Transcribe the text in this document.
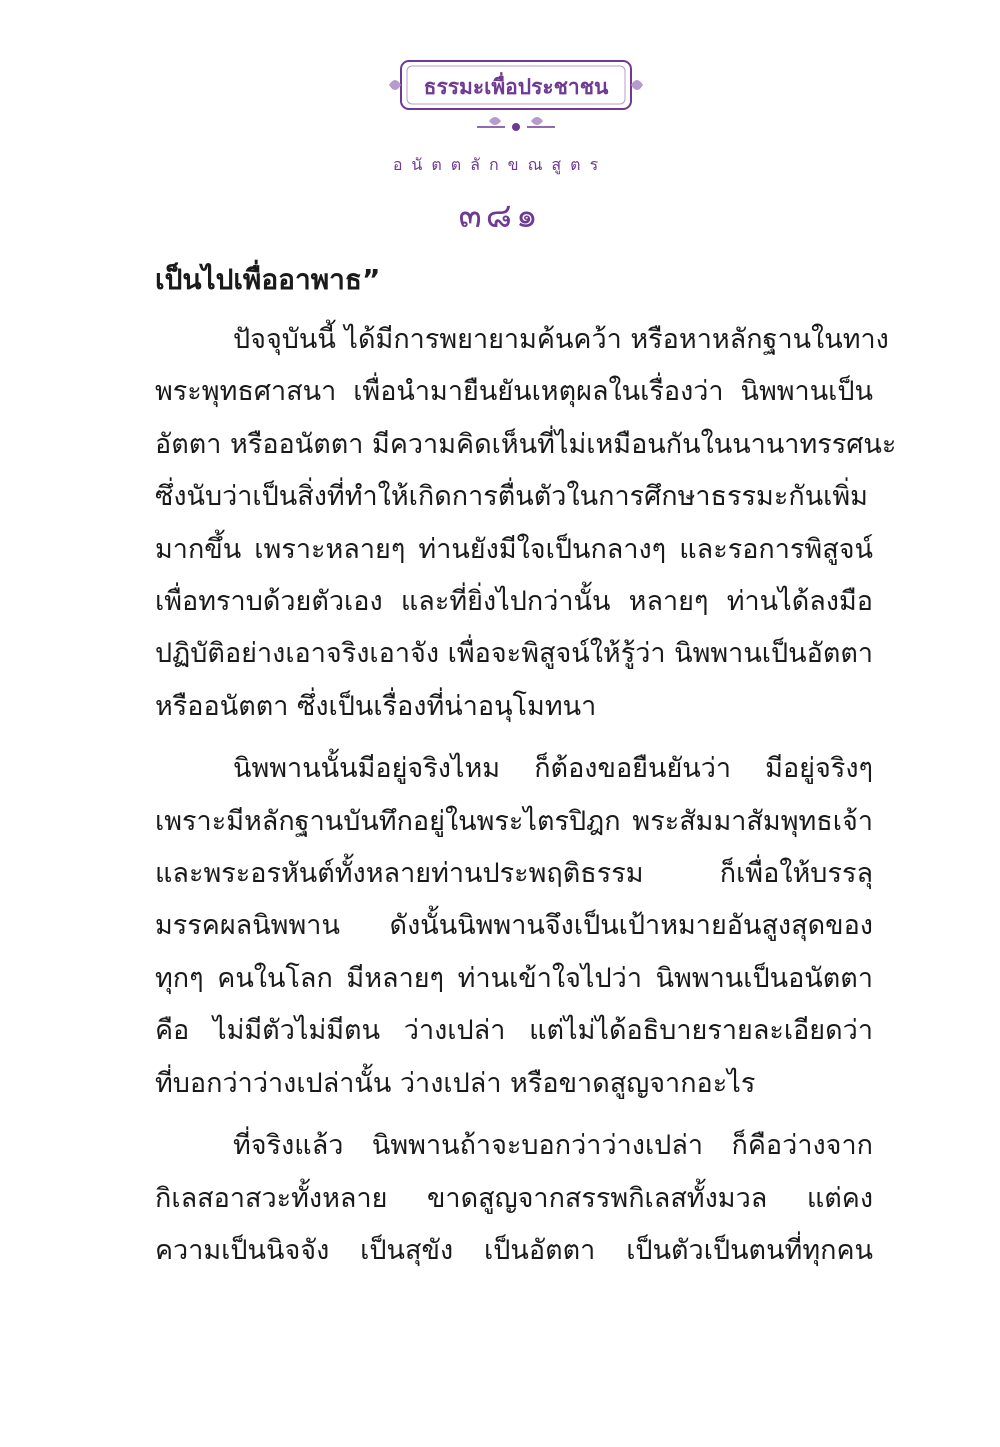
ธรรมะเพื่อประชาชน
อนัตตลักขณสูตร
๓๘๑
เป็นไปเพื่ออาพาธ”
ปัจจุบันนี้ ได้มีการพยายามค้นคว้า หรือหาหลักฐานในทาง
พระพุทธศาสนา เพื่อนำมายืนยันเหตุผลในเรื่องว่า นิพพานเป็น
อัตตา หรืออนัตตา มีความคิดเห็นที่ไม่เหมือนกันในนานาทรรศนะ
ซึ่งนับว่าเป็นสิ่งที่ทำให้เกิดการตื่นตัวในการศึกษาธรรมะกันเพิ่ม
มากขึ้น เพราะหลายๆ ท่านยังมีใจเป็นกลางๆ และรอการพิสูจน์
เพื่อทราบด้วยตัวเอง และที่ยิ่งไปกว่านั้น หลายๆ ท่านได้ลงมือ
ปฏิบัติอย่างเอาจริงเอาจัง เพื่อจะพิสูจน์ให้รู้ว่า นิพพานเป็นอัตตา
หรืออนัตตา ซึ่งเป็นเรื่องที่น่าอนุโมทนา
นิพพานนั้นมีอยู่จริงไหม ก็ต้องขอยืนยันว่า มีอยู่จริงๆ
เพราะมีหลักฐานบันทึกอยู่ในพระไตรปิฎก พระสัมมาสัมพุทธเจ้า
และพระอรหันต์ทั้งหลายท่านประพฤติธรรม ก็เพื่อให้บรรลุ
มรรคผลนิพพาน ดังนั้นนิพพานจึงเป็นเป้าหมายอันสูงสุดของ
ทุกๆ คนในโลก มีหลายๆ ท่านเข้าใจไปว่า นิพพานเป็นอนัตตา
คือ ไม่มีตัวไม่มีตน ว่างเปล่า แต่ไม่ได้อธิบายรายละเอียดว่า
ที่บอกว่าว่างเปล่านั้น ว่างเปล่า หรือขาดสูญจากอะไร
ที่จริงแล้ว นิพพานถ้าจะบอกว่าว่างเปล่า ก็คือว่างจาก
กิเลสอาสวะทั้งหลาย ขาดสูญจากสรรพกิเลสทั้งมวล แต่คง
ความเป็นนิจจัง เป็นสุขัง เป็นอัตตา เป็นตัวเป็นตนที่ทุกคน
